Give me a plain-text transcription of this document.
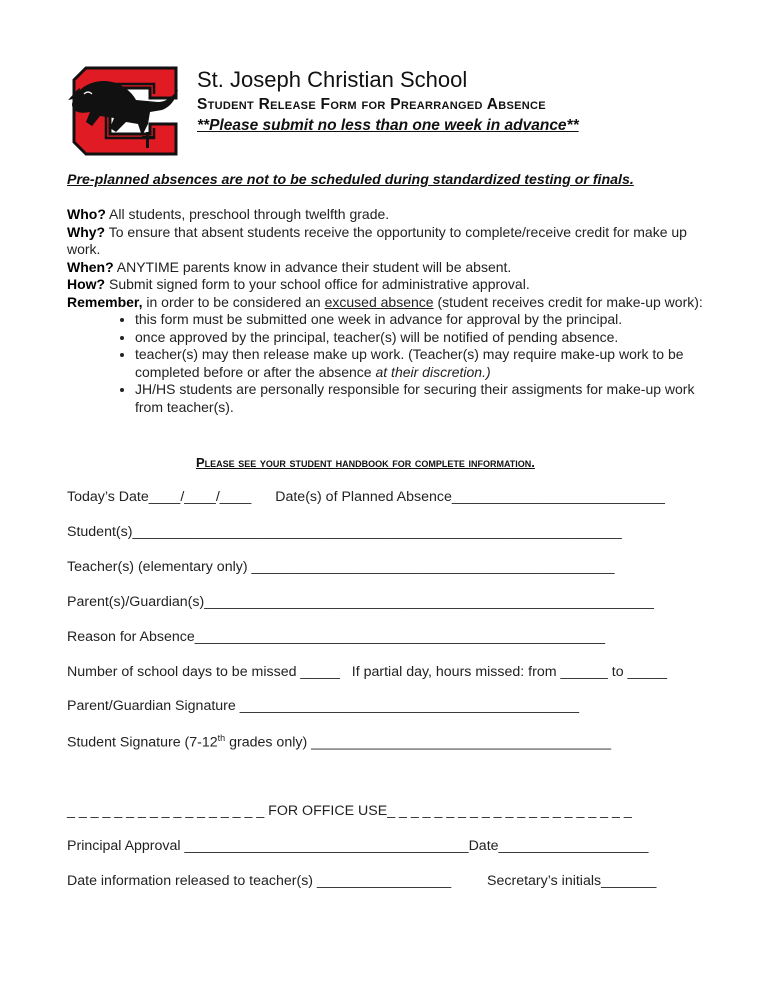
St. Joseph Christian School
Student Release Form for Prearranged Absence
**Please submit no less than one week in advance**
Pre-planned absences are not to be scheduled during standardized testing or finals.

Who? All students, preschool through twelfth grade.

Why? To ensure that absent students receive the opportunity to complete/receive credit for make up work.

When? ANYTIME parents know in advance their student will be absent.

How? Submit signed form to your school office for administrative approval.

Remember, in order to be considered an excused absence (student receives credit for make-up work):

• this form must be submitted one week in advance for approval by the principal.
• once approved by the principal, teacher(s) will be notified of pending absence.
• teacher(s) may then release make up work. (Teacher(s) may require make-up work to be completed before or after the absence at their discretion.)
• JH/HS students are personally responsible for securing their assigments for make-up work from teacher(s).
Please see your student handbook for complete information.
Today’s Date____/____/____ Date(s) of Planned Absence___________________________
Student(s)______________________________________________________________
Teacher(s) (elementary only) ______________________________________________
Parent(s)/Guardian(s)_________________________________________________________
Reason for Absence____________________________________________________
Number of school days to be missed _____ If partial day, hours missed: from ______ to _____
Parent/Guardian Signature ___________________________________________
Student Signature (7-12th grades only) ______________________________________
_ _ _ _ _ _ _ _ _ _ _ _ _ _ _ _ _ FOR OFFICE USE_ _ _ _ _ _ _ _ _ _ _ _ _ _ _ _ _ _ _ _ _
Principal Approval ____________________________________Date___________________
Date information released to teacher(s) _________________	Secretary’s initials_______
